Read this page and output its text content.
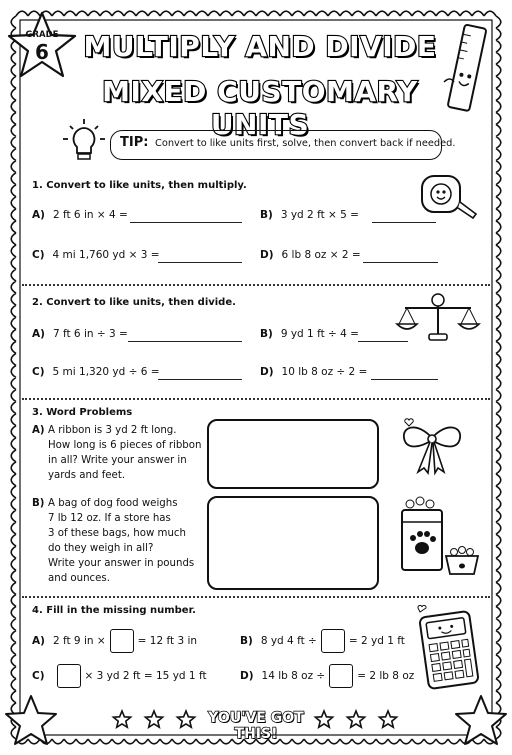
GRADE
6	MULTIPLY AND DIVIDE
MIXED CUSTOMARY UNITS
TIP: Convert to like units first, solve, then convert back if needed.
1. Convert to like units, then multiply.
A) 2 ft 6 in × 4 =	B) 3 yd 2 ft × 5 =
C) 4 mi 1,760 yd × 3 =	D) 6 lb 8 oz × 2 =
2. Convert to like units, then divide.
A) 7 ft 6 in ÷ 3 =	B) 9 yd 1 ft ÷ 4 =
C) 5 mi 1,320 yd ÷ 6 =	D) 10 lb 8 oz ÷ 2 =
3. Word Problems
A) A ribbon is 3 yd 2 ft long.
How long is 6 pieces of ribbon
in all? Write your answer in
yards and feet.
B) A bag of dog food weighs
7 lb 12 oz. If a store has
3 of these bags, how much
do they weigh in all?
Write your answer in pounds
and ounces.
4. Fill in the missing number.
A) 2 ft 9 in ×	= 12 ft 3 in	B) 8 yd 4 ft ÷	= 2 yd 1 ft
C)	× 3 yd 2 ft = 15 yd 1 ft	D) 14 lb 8 oz ÷	= 2 lb 8 oz
YOU'VE GOT THIS!
